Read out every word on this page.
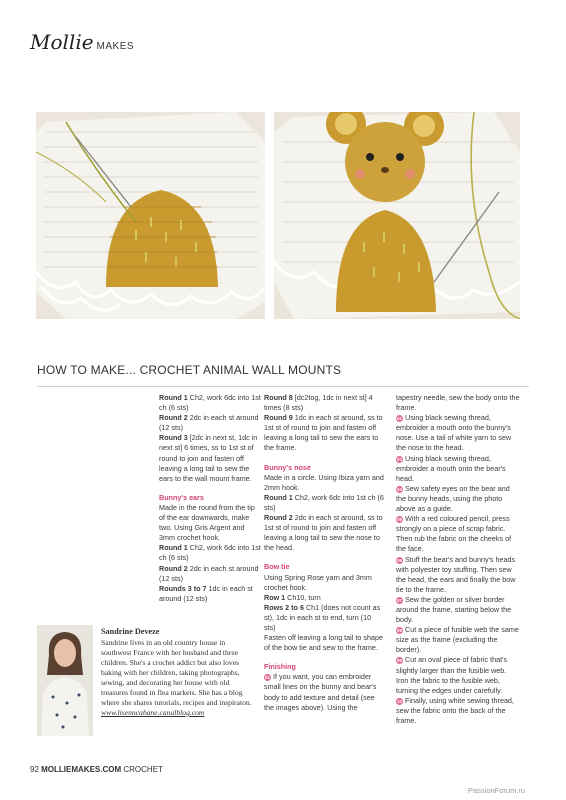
Mollie MAKES
HOW TO MAKE... CROCHET ANIMAL WALL MOUNTS

Round 1 Ch2, work 6dc into 1st ch (6 sts)

Round 2 2dc in each st around (12 sts)

Round 3 [2dc in next st, 1dc in next st] 6 times, ss to 1st st of round to join and fasten off leaving a long tail to sew the ears to the wall mount frame.

Bunny's ears

Made in the round from the tip of the ear downwards, make two. Using Gris Argent and 3mm crochet hook.

Round 1 Ch2, work 6dc into 1st ch (6 sts)

Round 2 2dc in each st around (12 sts)

Rounds 3 to 7 1dc in each st around (12 sts)

Round 8 [dc2tog, 1dc in next st] 4 times (8 sts)

Round 9 1dc in each st around, ss to 1st st of round to join and fasten off leaving a long tail to sew the ears to the frame.

Bunny's nose

Made in a circle. Using Ibiza yarn and 2mm hook.

Round 1 Ch2, work 6dc into 1st ch (6 sts)

Round 2 2dc in each st around, ss to 1st st of round to join and fasten off leaving a long tail to sew the nose to the head.

Bow tie

Using Spring Rose yarn and 3mm crochet hook.

Row 1 Ch10, turn

Rows 2 to 6 Ch1 (does not count as st), 1dc in each st to end, turn (10 sts)

Fasten off leaving a long tail to shape of the bow tie and sew to the frame.

Finishing

01 If you want, you can embroider small lines on the bunny and bear's body to add texture and detail (see the images above). Using the

tapestry needle, sew the body onto the frame.

02 Using black sewing thread, embroider a mouth onto the bunny's nose. Use a tail of white yarn to sew the nose to the head.

03 Using black sewing thread, embroider a mouth onto the bear's head.

04 Sew safety eyes on the bear and the bunny heads, using the photo above as a guide.

05 With a red coloured pencil, press strongly on a piece of scrap fabric. Then rub the fabric on the cheeks of the face.

06 Stuff the bear's and bunny's heads with polyester toy stuffing. Then sew the head, the ears and finally the bow tie to the frame.

07 Sew the golden or silver border around the frame, starting below the body.

08 Cut a piece of fusible web the same size as the frame (excluding the border).

09 Cut an oval piece of fabric that's slightly larger than the fusible web. Iron the fabric to the fusible web, turning the edges under carefully.

10 Finally, using white sewing thread, sew the fabric onto the back of the frame.

Sandrine Deveze
Sandrine lives in an old country house in southwest France with her husband and three children. She's a crochet addict but also loves baking with her children, taking photographs, sewing, and decorating her house with old treasures found in flea markets. She has a blog where she shares tutorials, recipes and inspiraton. www.lisenncabane.canalblog.com
92 MOLLIEMAKES.COM CROCHET
PassionForum.ru
